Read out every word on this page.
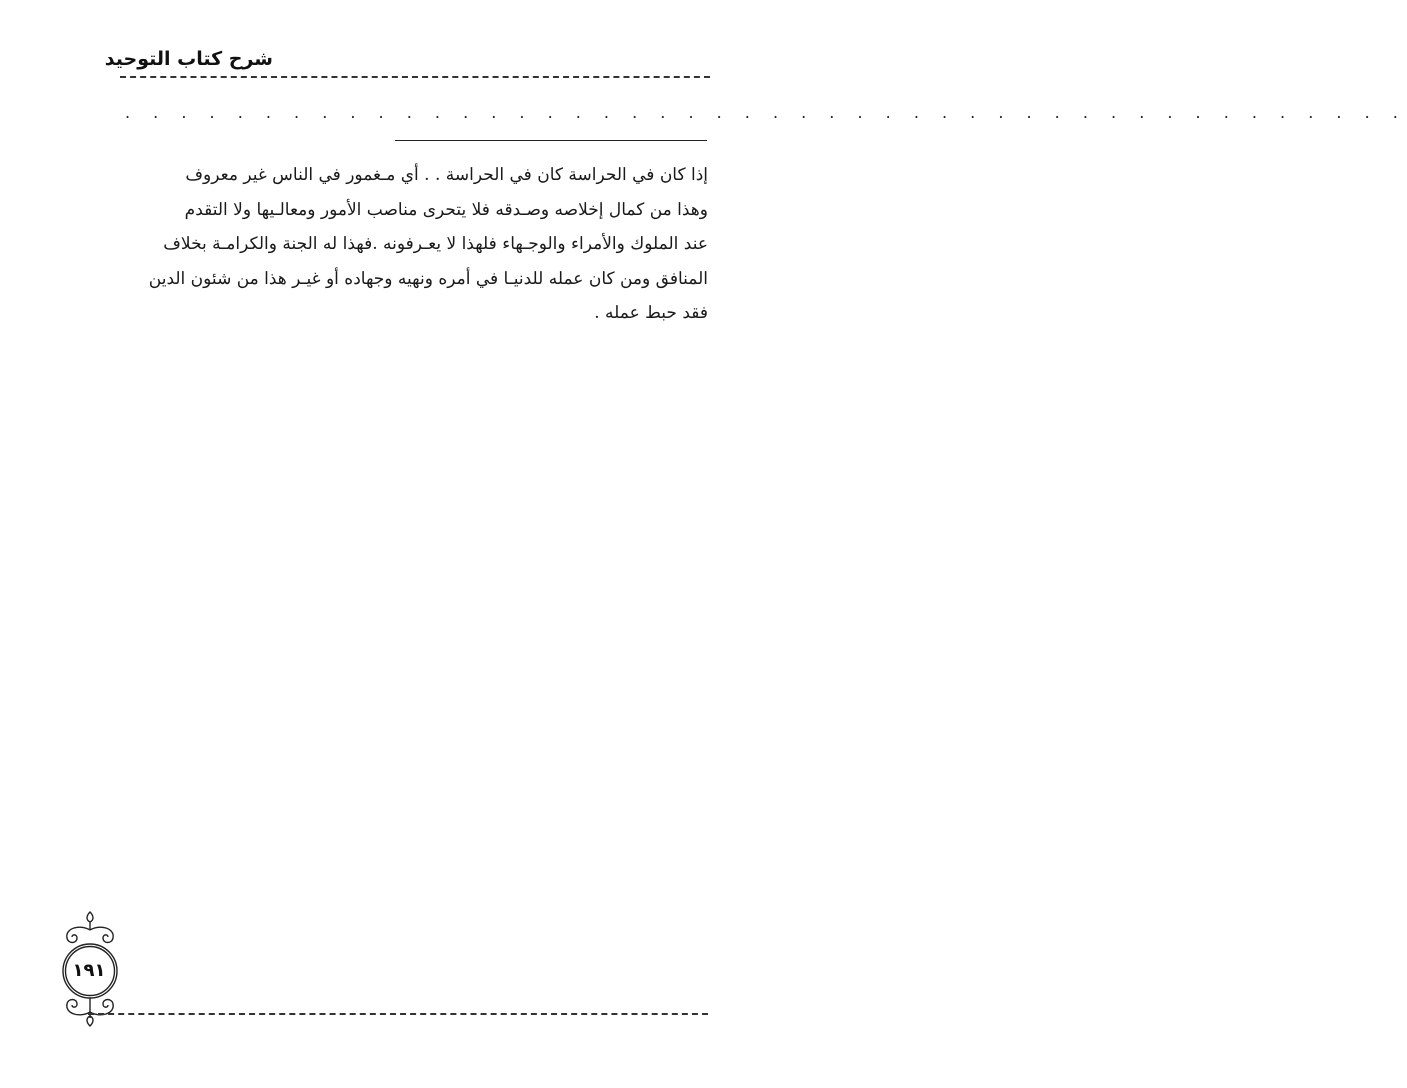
شرح كتاب التوحيد
. . . . . . . . . . . . . . . . . . . . . . . . . . . . . . . . . . . . . . . . . . . . . .

إذا كان في الحراسة كان في الحراسة . . أي مـغمور في الناس غير معروف

وهذا من كمال إخلاصه وصـدقه فلا يتحرى مناصب الأمور ومعالـيها ولا التقدم

عند الملوك والأمراء والوجـهاء فلهذا لا يعـرفونه .فهذا له الجنة والكرامـة بخلاف

المنافق ومن كان عمله للدنيـا في أمره ونهيه وجهاده أو غيـر هذا من شئون الدين

فقد حبط عمله .

١٩١
